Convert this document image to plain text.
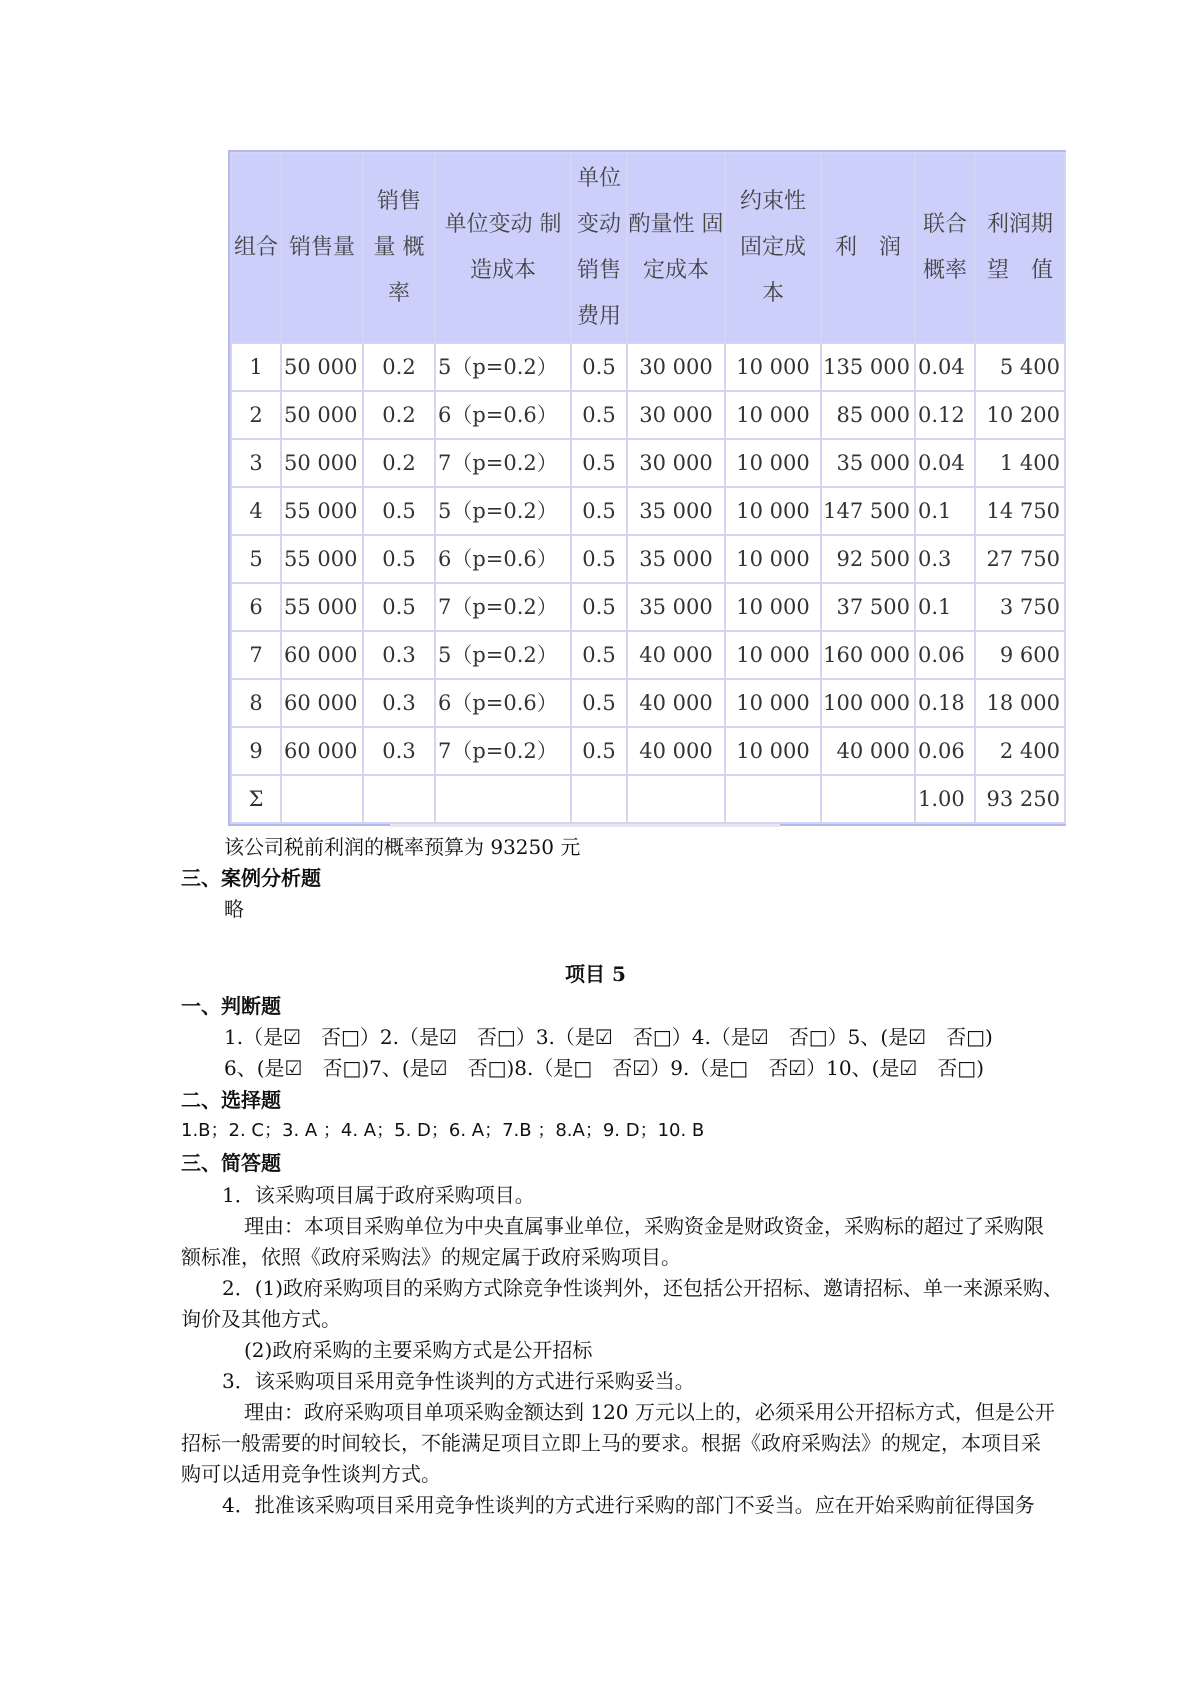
组合	销售量	销售 量 概 率	单位变动 制造成本	单位 变动 销售 费用	酌量性 固定成本	约束性 固定成 本	利　润	联合 概率	利润期 望　值
1	50 000	0.2	5（p=0.2）	0.5	30 000	10 000	135 000	0.04	5 400
2	50 000	0.2	6（p=0.6）	0.5	30 000	10 000	85 000	0.12	10 200
3	50 000	0.2	7（p=0.2）	0.5	30 000	10 000	35 000	0.04	1 400
4	55 000	0.5	5（p=0.2）	0.5	35 000	10 000	147 500	0.1	14 750
5	55 000	0.5	6（p=0.6）	0.5	35 000	10 000	92 500	0.3	27 750
6	55 000	0.5	7（p=0.2）	0.5	35 000	10 000	37 500	0.1	3 750
7	60 000	0.3	5（p=0.2）	0.5	40 000	10 000	160 000	0.06	9 600
8	60 000	0.3	6（p=0.6）	0.5	40 000	10 000	100 000	0.18	18 000
9	60 000	0.3	7（p=0.2）	0.5	40 000	10 000	40 000	0.06	2 400
Σ								1.00	93 250
该公司税前利润的概率预算为 93250 元
三、案例分析题
略
项目 5
一、判断题
1.（是☑　否□）2.（是☑　否□）3.（是☑　否□）4.（是☑　否□）5、(是☑　否□)
6、(是☑　否□)7、(是☑　否□)8.（是□　否☑）9.（是□　否☑）10、(是☑　否□)
二、选择题
1.B；2. C；3. A ；4. A；5. D；6. A；7.B ；8.A；9. D；10. B
三、简答题
1．该采购项目属于政府采购项目。
理由：本项目采购单位为中央直属事业单位，采购资金是财政资金，采购标的超过了采购限
额标准，依照《政府采购法》的规定属于政府采购项目。
2．(1)政府采购项目的采购方式除竞争性谈判外，还包括公开招标、邀请招标、单一来源采购、
询价及其他方式。
(2)政府采购的主要采购方式是公开招标
3．该采购项目采用竞争性谈判的方式进行采购妥当。
理由：政府采购项目单项采购金额达到 120 万元以上的，必须采用公开招标方式，但是公开
招标一般需要的时间较长，不能满足项目立即上马的要求。根据《政府采购法》的规定，本项目采
购可以适用竞争性谈判方式。
4．批准该采购项目采用竞争性谈判的方式进行采购的部门不妥当。应在开始采购前征得国务
